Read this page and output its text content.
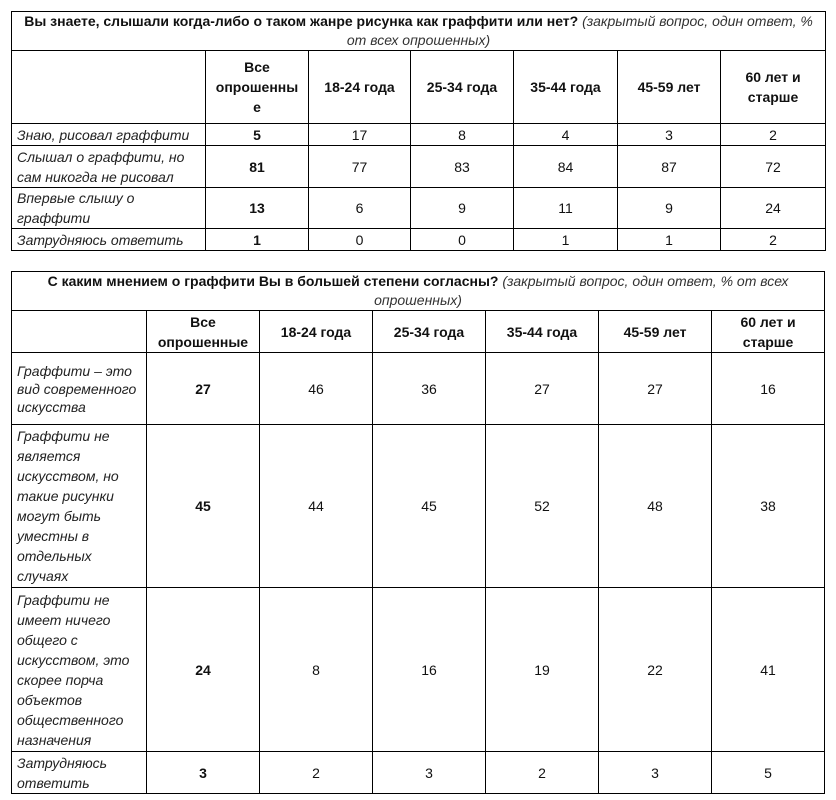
Вы знаете, слышали когда-либо о таком жанре рисунка как граффити или нет? (закрытый вопрос, один ответ, % от всех опрошенных)						
	Все опрошенны е	18-24 года	25-34 года	35-44 года	45-59 лет	60 лет и старше
Знаю, рисовал граффити	5	17	8	4	3	2
Слышал о граффити, но сам никогда не рисовал	81	77	83	84	87	72
Впервые слышу о граффити	13	6	9	11	9	24
Затрудняюсь ответить	1	0	0	1	1	2
С каким мнением о граффити Вы в большей степени согласны? (закрытый вопрос, один ответ, % от всех опрошенных)						
	Все опрошенные	18-24 года	25-34 года	35-44 года	45-59 лет	60 лет и старше
Граффити – это вид современного искусства	27	46	36	27	27	16
Граффити не является искусством, но такие рисунки могут быть уместны в отдельных случаях	45	44	45	52	48	38
Граффити не имеет ничего общего с искусством, это скорее порча объектов общественного назначения	24	8	16	19	22	41
Затрудняюсь ответить	3	2	3	2	3	5
